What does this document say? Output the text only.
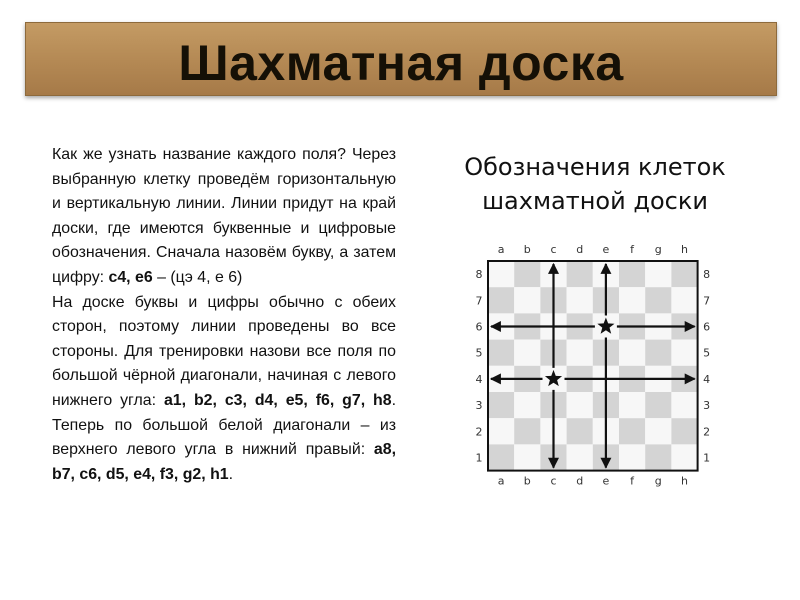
Шахматная доска

Как же узнать название каждого поля? Через выбранную клетку проведём горизонтальную и вертикальную линии. Линии придут на край доски, где имеются буквенные и цифровые обозначения. Сначала назовём букву, а затем цифру: c4, e6 – (цэ 4, е 6)

На доске буквы и цифры обычно с обеих сторон, поэтому линии проведены во все стороны. Для тренировки назови все поля по большой чёрной диагонали, начиная с левого нижнего угла: a1, b2, c3, d4, e5, f6, g7, h8. Теперь по большой белой диагонали – из верхнего левого угла в нижний правый: a8, b7, c6, d5, e4, f3, g2, h1.

Обозначения клеток шахматной доски
a
a
b
b
c
c
d
d
e
e
f
f
g
g
h
h
8	8
7	7
6	6
5	5
4	4
3	3
2	2
1	1
